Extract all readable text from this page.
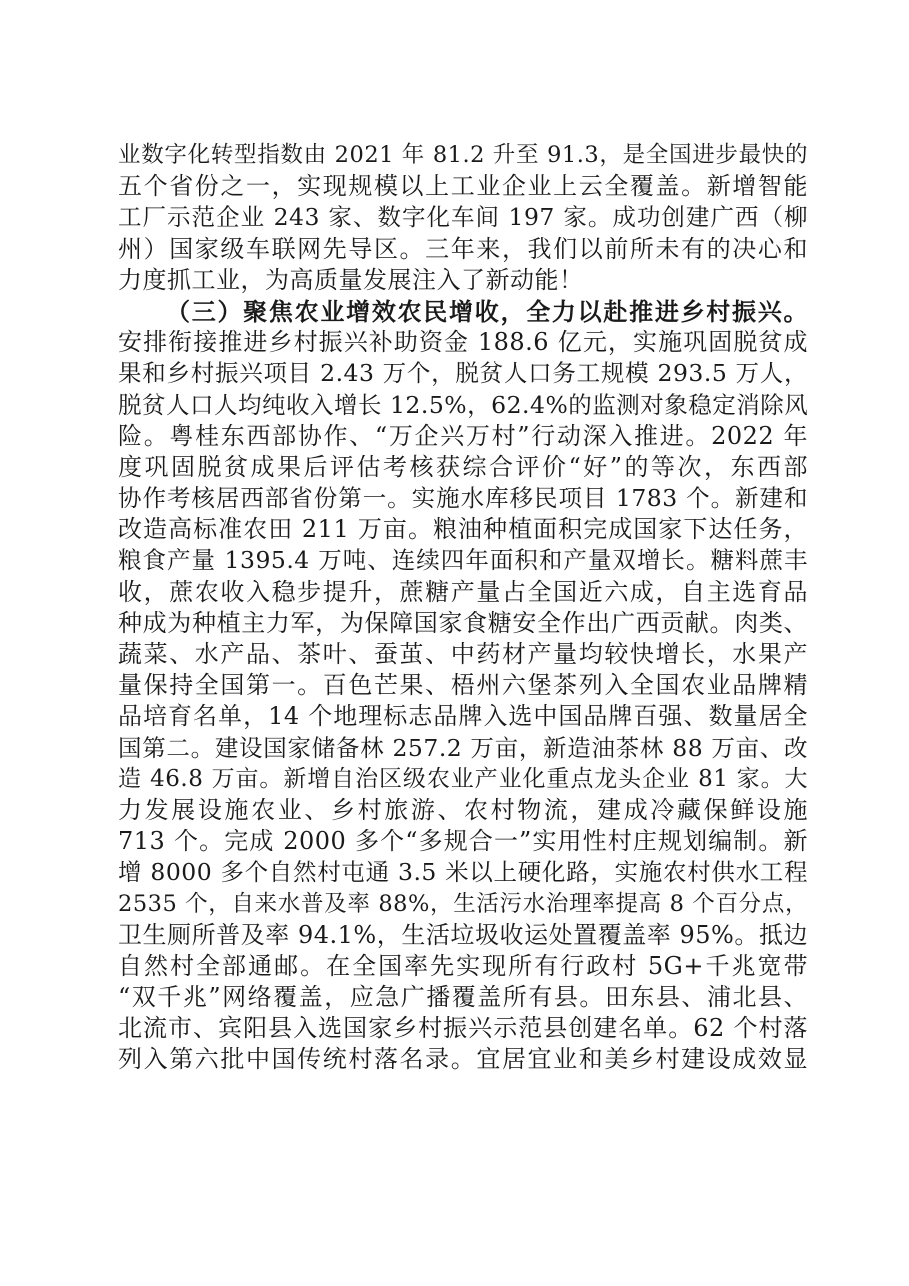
业数字化转型指数由 2021 年 81.2 升至 91.3，是全国进步最快的
五个省份之一，实现规模以上工业企业上云全覆盖。新增智能
工厂示范企业 243 家、数字化车间 197 家。成功创建广西（柳
州）国家级车联网先导区。三年来，我们以前所未有的决心和
力度抓工业，为高质量发展注入了新动能！
（三）聚焦农业增效农民增收，全力以赴推进乡村振兴。
安排衔接推进乡村振兴补助资金 188.6 亿元，实施巩固脱贫成
果和乡村振兴项目 2.43 万个，脱贫人口务工规模 293.5 万人，
脱贫人口人均纯收入增长 12.5%，62.4%的监测对象稳定消除风
险。粤桂东西部协作、“万企兴万村”行动深入推进。2022 年
度巩固脱贫成果后评估考核获综合评价“好”的等次，东西部
协作考核居西部省份第一。实施水库移民项目 1783 个。新建和
改造高标准农田 211 万亩。粮油种植面积完成国家下达任务，
粮食产量 1395.4 万吨、连续四年面积和产量双增长。糖料蔗丰
收，蔗农收入稳步提升，蔗糖产量占全国近六成，自主选育品
种成为种植主力军，为保障国家食糖安全作出广西贡献。肉类、
蔬菜、水产品、茶叶、蚕茧、中药材产量均较快增长，水果产
量保持全国第一。百色芒果、梧州六堡茶列入全国农业品牌精
品培育名单，14 个地理标志品牌入选中国品牌百强、数量居全
国第二。建设国家储备林 257.2 万亩，新造油茶林 88 万亩、改
造 46.8 万亩。新增自治区级农业产业化重点龙头企业 81 家。大
力发展设施农业、乡村旅游、农村物流，建成冷藏保鲜设施
713 个。完成 2000 多个“多规合一”实用性村庄规划编制。新
增 8000 多个自然村屯通 3.5 米以上硬化路，实施农村供水工程
2535 个，自来水普及率 88%，生活污水治理率提高 8 个百分点，
卫生厕所普及率 94.1%，生活垃圾收运处置覆盖率 95%。抵边
自然村全部通邮。在全国率先实现所有行政村 5G+千兆宽带
“双千兆”网络覆盖，应急广播覆盖所有县。田东县、浦北县、
北流市、宾阳县入选国家乡村振兴示范县创建名单。62 个村落
列入第六批中国传统村落名录。宜居宜业和美乡村建设成效显
